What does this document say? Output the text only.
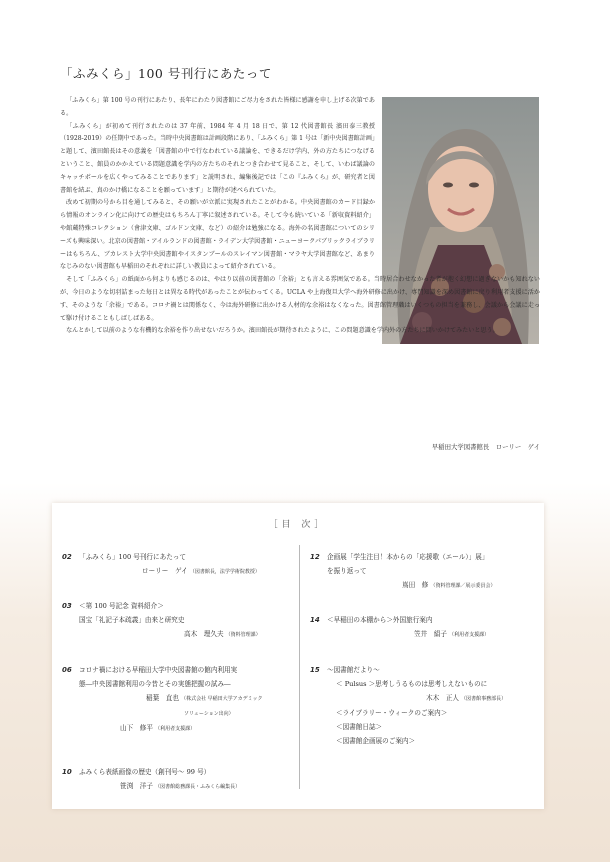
「ふみくら」100 号刊行にあたって

「ふみくら」第 100 号の刊行にあたり、長年にわたり図書館にご尽力をされた皆様に感謝を申し上げる次第である。

「ふみくら」が初めて刊行されたのは 37 年前、1984 年 4 月 18 日で、第 12 代図書館長 濱田泰三教授（1928-2019）の任期中であった。当時中央図書館は計画段階にあり、「ふみくら」第 1 号は「新中央図書館計画」と題して、濱田館長はその意義を「図書館の中で行なわれている議論を、できるだけ学内、外の方たちにつなげるということ、館員のかかえている問題意識を学内の方たちのそれとつき合わせて見ること、そして、いわば議論のキャッチボールを広くやってみることであります」と説明され、編集後記では「この『ふみくら』が、研究者と図書館を結ぶ、真のかけ橋になることを願っています」と期待が述べられていた。

改めて初期の号から目を通してみると、その願いが立派に実現されたことがわかる。中央図書館のカード目録から情報のオンライン化に向けての歴史はもちろん丁寧に叙述されている。そして今も続いている「新収資料紹介」や館蔵特殊コレクション（會津文庫、ゴルドン文庫、など）の紹介は勉強になる。海外の名図書館についてのシリーズも興味深い。北京の図書館・アイルランドの図書館・ライデン大学図書館・ニューヨークパブリックライブラリーはもちろん、ブカレスト大学中央図書館やイスタンブールのスレイマン図書館・マラヤ大学図書館など、あまりなじみのない図書館も早稲田のそれぞれに詳しい教員によって紹介されている。

そして「ふみくら」の紙面から何よりも感じるのは、やはり以前の図書館の「余裕」とも言える雰囲気である。当時居合わせなかった者が抱く幻想に過ぎないかも知れないが、今日のような切羽詰まった毎日とは異なる時代があったことが伝わってくる。UCLA や上海復旦大学へ海外研修に出かけ、専門知識を深め図書館に戻り利用者支援に活かす、そのような「余裕」である。コロナ禍とは関係なく、今は海外研修に出かける人材的な余裕はなくなった。図書館管理職はいくつもの担当を兼務し、会議から会議に走って駆け付けることもしばしばある。

なんとかして以前のような有機的な余裕を作り出せないだろうか。濱田館長が期待されたように、この問題意識を学内外の方たちに問いかけてみたいと思う。

早稲田大学図書館長　ローリー　ゲイ
［目 次］
02	「ふみくら」100 号刊行にあたって
ローリー　ゲイ （図書館長，法学学術院教授）
03	＜第 100 号記念 資料紹介＞
国宝「礼記子本疏義」由来と研究史
高木　理久夫 （資料管理課）
06	コロナ禍における早稲田大学中央図書館の館内利用実
態―中央図書館利用の今昔とその実態把握の試み―
稲葉　直也 （株式会社 早稲田大学アカデミック
ソリューション出向）
山下　修平 （利用者支援課）
10	ふみくら表紙画像の歴史（創刊号～ 99 号）
笹渕　洋子 （図書館総務課長・ふみくら編集長）
12	企画展「学生注目！本からの「応援歌（エール）」展」
を振り返って
嶌田　修 （資料管理課／展示委員会）
14	＜早稲田の本棚から＞外国旅行案内
笠井　絹子 （利用者支援課）
15	～図書館だより～
＜ Pulsus ＞思考しうるものは思考しえないものに
木木　正人 （図書館事務部長）
＜ライブラリー・ウィークのご案内＞
＜図書館日誌＞
＜図書館企画展のご案内＞
